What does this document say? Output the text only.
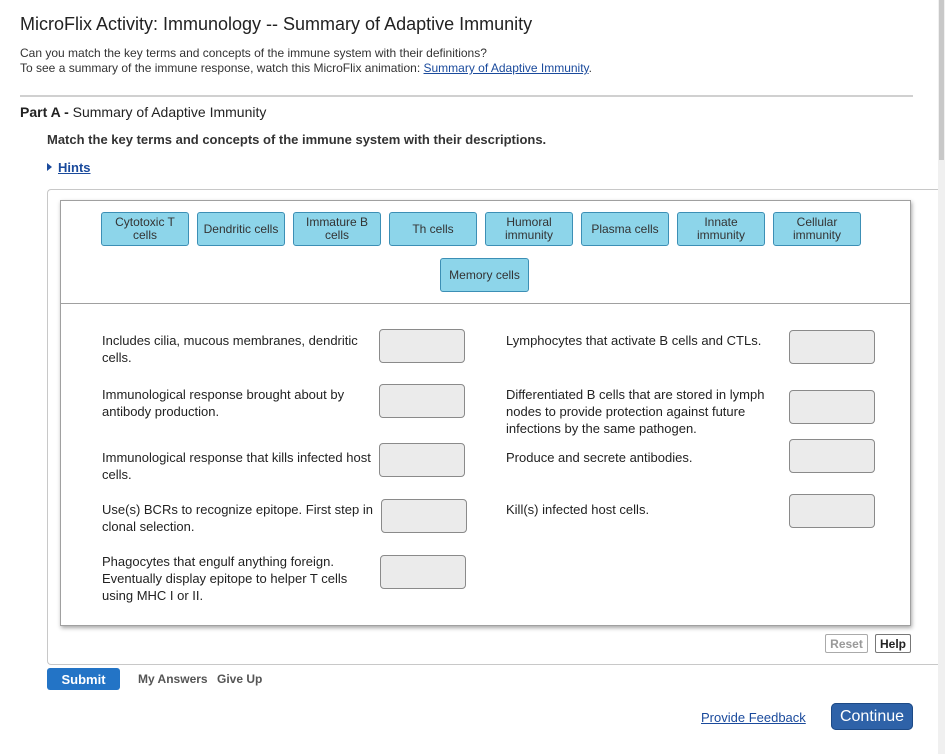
MicroFlix Activity: Immunology -- Summary of Adaptive Immunity
Can you match the key terms and concepts of the immune system with their definitions?
To see a summary of the immune response, watch this MicroFlix animation: Summary of Adaptive Immunity.
Part A - Summary of Adaptive Immunity
Match the key terms and concepts of the immune system with their descriptions.
Hints
Cytotoxic T cells	Dendritic cells	Immature B cells	Th cells	Humoral immunity	Plasma cells	Innate immunity
Cellular immunity
Memory cells
Includes cilia, mucous membranes, dendritic cells.
Immunological response brought about by antibody production.
Immunological response that kills infected host cells.
Use(s) BCRs to recognize epitope. First step in clonal selection.
Phagocytes that engulf anything foreign. Eventually display epitope to helper T cells using MHC I or II.
Lymphocytes that activate B cells and CTLs.
Differentiated B cells that are stored in lymph nodes to provide protection against future infections by the same pathogen.
Produce and secrete antibodies.
Kill(s) infected host cells.
Reset	Help
Submit	My Answers Give Up
Provide Feedback	Continue
